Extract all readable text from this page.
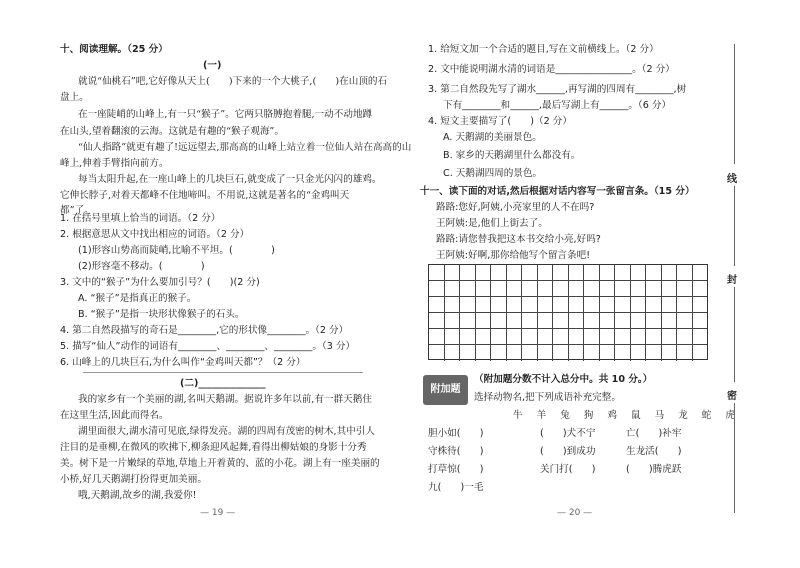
十、阅读理解。（25 分）
(一)
就说“仙桃石”吧,它好像从天上(　　)下来的一个大桃子,(　　)在山顶的石
盘上。
在一座陡峭的山峰上,有一只“猴子”。它两只胳膊抱着腿,一动不动地蹲
在山头,望着翻滚的云海。这就是有趣的“猴子观海”。
“仙人指路”就更有趣了!远远望去,那高高的山峰上站立着一位仙人站在高高的山
峰上,伸着手臂指向前方。
每当太阳升起,在一座山峰上的几块巨石,就变成了一只金光闪闪的雄鸡。
它伸长脖子,对着天都峰不住地啼叫。不用说,这就是著名的“金鸡叫天
都”了。
1. 在括号里填上恰当的词语。（2 分）
2. 根据意思从文中找出相应的词语。（2 分）
(1)形容山势高而陡峭,比喻不平坦。(　　　　)
(2)形容毫不移动。(　　　　)
3. 文中的“猴子”为什么要加引号？(　　)(2 分)
A. “猴子”是指真正的猴子。
B. “猴子”是指一块形状像猴子的石头。
4. 第二自然段描写的奇石是________,它的形状像________。（2 分）
5. 描写“仙人”动作的词语有________、________、________。（3 分）
6. 山峰上的几块巨石,为什么叫作“金鸡叫天都”？（2 分）
(二)______________
我的家乡有一个美丽的湖,名叫天鹅湖。据说许多年以前,有一群天鹅住
在这里生活,因此而得名。
湖里面很大,湖水清可见底,绿得发亮。湖的四周有茂密的树木,其中引人
注目的是垂柳,在微风的吹拂下,柳条迎风起舞,看得出柳姑娘的身影十分秀
美。树下是一片嫩绿的草地,草地上开着黄的、蓝的小花。湖上有一座美丽的
小桥,好几天鹅湖打扮得更加美丽。
哦,天鹅湖,故乡的湖,我爱你!
— 19 —
1. 给短文加一个合适的题目,写在文前横线上。（2 分）
2. 文中能说明湖水清的词语是________________。（2 分）
3. 第二自然段先写了湖水______,再写湖的四周有________,树
下有________和______,最后写湖上有______。（6 分）
4. 短文主要描写了(　　)（2 分）
A. 天鹅湖的美丽景色。
B. 家乡的天鹅湖里什么都没有。
C. 天鹅湖四周的景色。
十一、读下面的对话,然后根据对话内容写一张留言条。（15 分）
路路:您好,阿姨,小亮家里的人不在吗?
王阿姨:是,他们上街去了。
路路:请您替我把这本书交给小亮,好吗?
王阿姨:好啊,那你给他写个留言条吧!
附加题
（附加题分数不计入总分中。共 10 分。）
选择动物名,把下列成语补充完整。
牛 羊 兔 狗 鸡 鼠 马 龙 蛇 虎
胆小如(　　)	(　　)犬不宁	亡(　　)补牢
守株待(　　)	(　　)到成功	生龙活(　　)
打草惊(　　)	关门打(　　)	(　　)腾虎跃
九(　　)一毛
— 20 —
线
封
密
